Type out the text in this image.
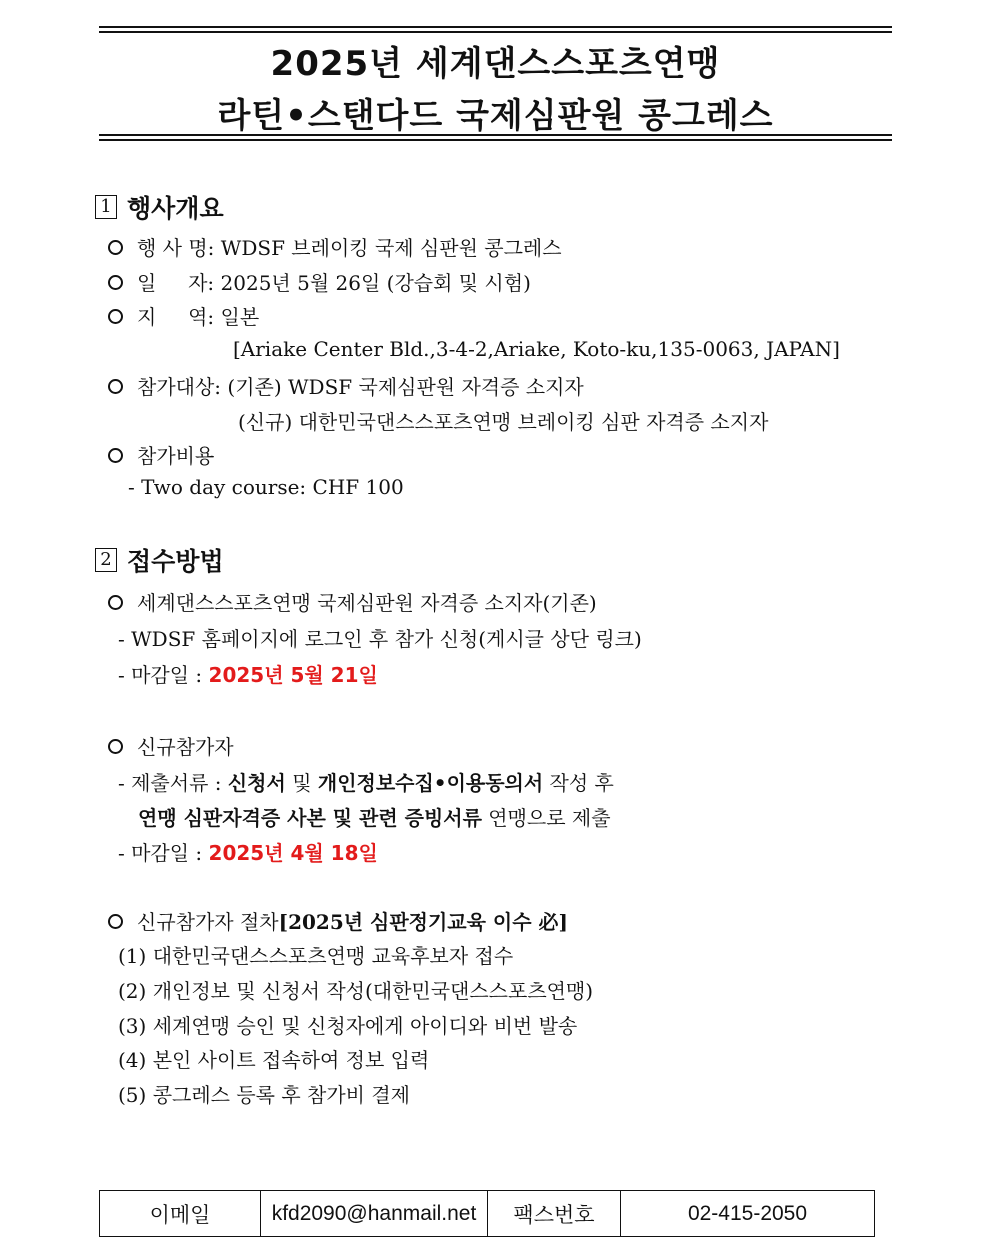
2025년 세계댄스스포츠연맹
라틴•스탠다드 국제심판원 콩그레스
1 행사개요
행 사 명: WDSF 브레이킹 국제 심판원 콩그레스
일     자: 2025년 5월 26일 (강습회 및 시험)
지     역: 일본
[Ariake Center Bld.,3-4-2,Ariake, Koto-ku,135-0063, JAPAN]
참가대상: (기존) WDSF 국제심판원 자격증 소지자
(신규) 대한민국댄스스포츠연맹 브레이킹 심판 자격증 소지자
참가비용
- Two day course: CHF 100
2 접수방법
세계댄스스포츠연맹 국제심판원 자격증 소지자(기존)
- WDSF 홈페이지에 로그인 후 참가 신청(게시글 상단 링크)
- 마감일 : 2025년 5월 21일
신규참가자
- 제출서류 : 신청서 및 개인정보수집•이용동의서 작성 후
연맹 심판자격증 사본 및 관련 증빙서류 연맹으로 제출
- 마감일 : 2025년 4월 18일
신규참가자 절차[2025년 심판정기교육 이수 必]
(1) 대한민국댄스스포츠연맹 교육후보자 접수
(2) 개인정보 및 신청서 작성(대한민국댄스스포츠연맹)
(3) 세계연맹 승인 및 신청자에게 아이디와 비번 발송
(4) 본인 사이트 접속하여 정보 입력
(5) 콩그레스 등록 후 참가비 결제
이메일	kfd2090@hanmail.net	팩스번호	02-415-2050
